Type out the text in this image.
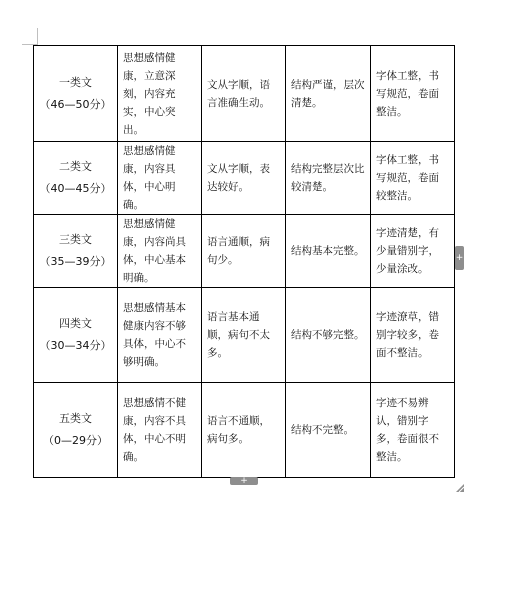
一类文
（46—50分）	思想感情健康，立意深刻，内容充实，中心突出。	文从字顺，语言准确生动。	结构严谨，层次清楚。	字体工整，书写规范，卷面整洁。

二类文
（40—45分）	思想感情健康，内容具体，中心明确。	文从字顺，表达较好。	结构完整层次比较清楚。	字体工整，书写规范，卷面较整洁。

三类文
（35—39分）	思想感情健康，内容尚具体，中心基本明确。	语言通顺，病句少。	结构基本完整。	字迹清楚，有少量错别字，少量涂改。

四类文
（30—34分）	思想感情基本健康内容不够具体，中心不够明确。	语言基本通顺，病句不太多。	结构不够完整。	字迹潦草，错别字较多，卷面不整洁。

五类文
（0—29分）	思想感情不健康，内容不具体，中心不明确。	语言不通顺，病句多。	结构不完整。	字迹不易辨认，错别字多，卷面很不整洁。
+
+
